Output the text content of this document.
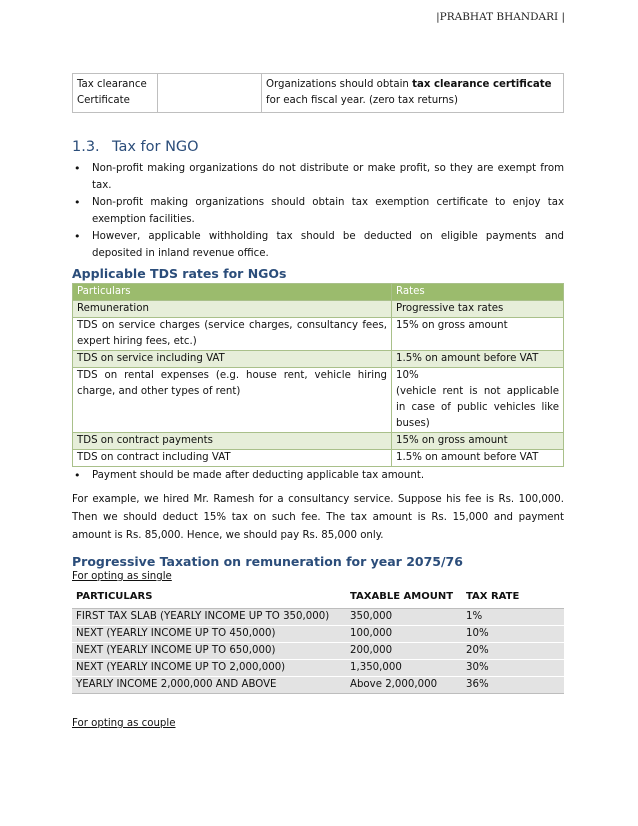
|PRABHAT BHANDARI |
Tax clearance Certificate		Organizations should obtain tax clearance certificate for each fiscal year. (zero tax returns)
1.3. Tax for NGO
• Non-profit making organizations do not distribute or make profit, so they are exempt from tax.
• Non-profit making organizations should obtain tax exemption certificate to enjoy tax exemption facilities.
• However, applicable withholding tax should be deducted on eligible payments and deposited in inland revenue office.
Applicable TDS rates for NGOs
Particulars	Rates
Remuneration	Progressive tax rates
TDS on service charges (service charges, consultancy fees, expert hiring fees, etc.)	15% on gross amount
TDS on service including VAT	1.5% on amount before VAT
TDS on rental expenses (e.g. house rent, vehicle hiring charge, and other types of rent)	10%
(vehicle rent is not applicable in case of public vehicles like buses)

TDS on contract payments	15% on gross amount
TDS on contract including VAT	1.5% on amount before VAT
• Payment should be made after deducting applicable tax amount.

For example, we hired Mr. Ramesh for a consultancy service. Suppose his fee is Rs. 100,000. Then we should deduct 15% tax on such fee. The tax amount is Rs. 15,000 and payment amount is Rs. 85,000. Hence, we should pay Rs. 85,000 only.

Progressive Taxation on remuneration for year 2075/76
For opting as single
PARTICULARS	TAXABLE AMOUNT	TAX RATE
FIRST TAX SLAB (YEARLY INCOME UP TO 350,000)	350,000	1%
NEXT (YEARLY INCOME UP TO 450,000)	100,000	10%
NEXT (YEARLY INCOME UP TO 650,000)	200,000	20%
NEXT (YEARLY INCOME UP TO 2,000,000)	1,350,000	30%
YEARLY INCOME 2,000,000 AND ABOVE	Above 2,000,000	36%
For opting as couple
